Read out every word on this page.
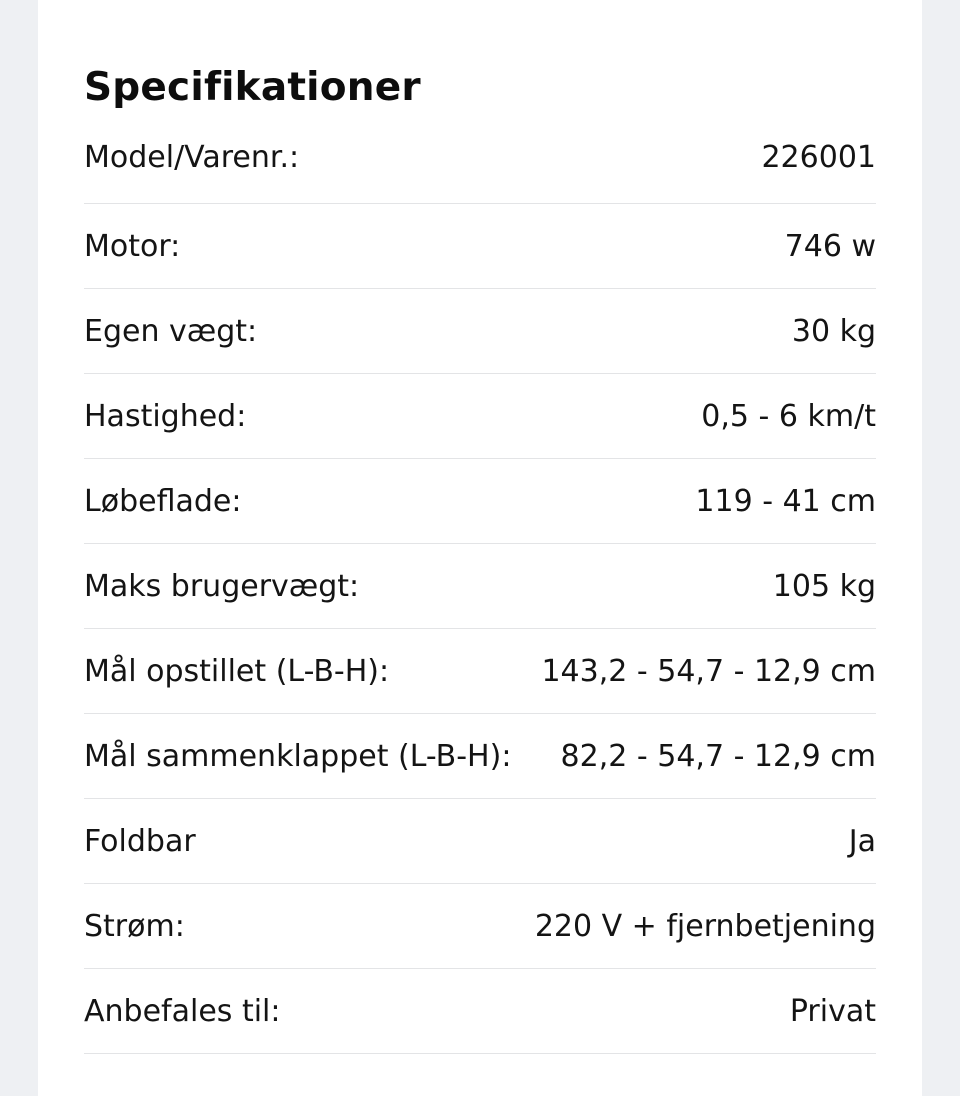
Specifikationer
Model/Varenr.:	226001
Motor:	746 w
Egen vægt:	30 kg
Hastighed:	0,5 - 6 km/t
Løbeflade:	119 - 41 cm
Maks brugervægt:	105 kg
Mål opstillet (L-B-H):	143,2 - 54,7 - 12,9 cm
Mål sammenklappet (L-B-H): 82,2 - 54,7 - 12,9 cm
Foldbar	Ja
Strøm:	220 V + fjernbetjening
Anbefales til:	Privat
